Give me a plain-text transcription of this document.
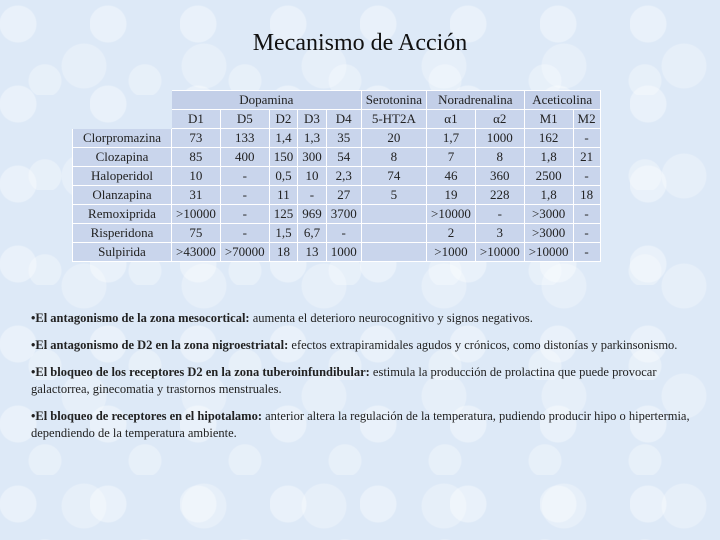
Mecanismo de Acción
	Dopamina					Serotonina	Noradrenalina		Aceticolina	
	D1	D5	D2	D3	D4	5-HT2A	α1	α2	M1	M2
Clorpromazina	73	133	1,4	1,3	35	20	1,7	1000	162	-
Clozapina	85	400	150	300	54	8	7	8	1,8	21
Haloperidol	10	-	0,5	10	2,3	74	46	360	2500	-
Olanzapina	31	-	11	-	27	5	19	228	1,8	18
Remoxiprida	>10000	-	125	969	3700		>10000	-	>3000	-
Risperidona	75	-	1,5	6,7	-		2	3	>3000	-
Sulpirida	>43000	>70000	18	13	1000		>1000	>10000	>10000	-

•El antagonismo de la zona mesocortical: aumenta el deterioro neurocognitivo y signos negativos.

•El antagonismo de D2 en la zona nigroestriatal: efectos extrapiramidales agudos y crónicos, como distonías y parkinsonismo.

•El bloqueo de los receptores D2 en la zona tuberoinfundibular: estimula la producción de prolactina que puede provocar galactorrea, ginecomatia y trastornos menstruales.

•El bloqueo de receptores en el hipotalamo: anterior altera la regulación de la temperatura, pudiendo producir hipo o hipertermia, dependiendo de la temperatura ambiente.
